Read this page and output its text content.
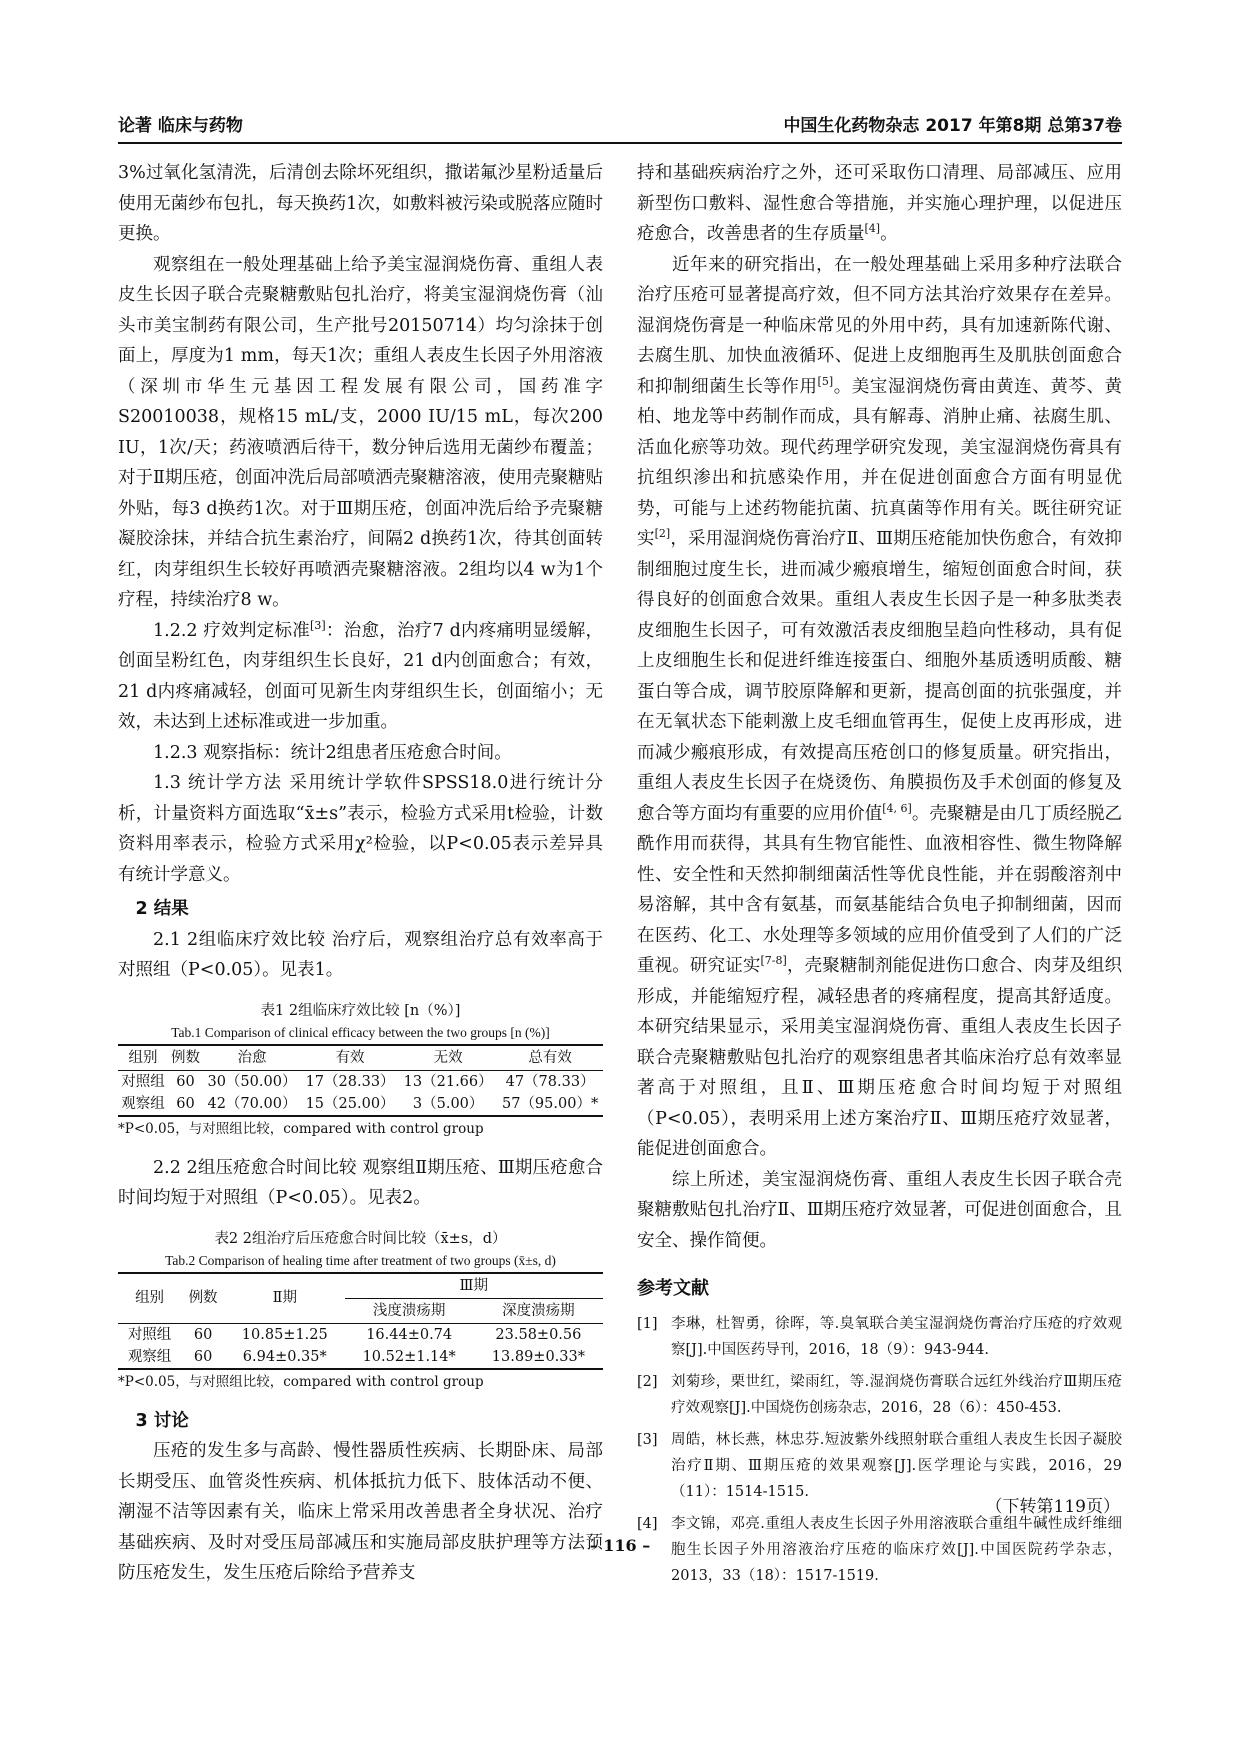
论著 临床与药物	中国生化药物杂志 2017 年第8期 总第37卷

3%过氧化氢清洗，后清创去除坏死组织，撒诺氟沙星粉适量后使用无菌纱布包扎，每天换药1次，如敷料被污染或脱落应随时更换。

观察组在一般处理基础上给予美宝湿润烧伤膏、重组人表皮生长因子联合壳聚糖敷贴包扎治疗，将美宝湿润烧伤膏（汕头市美宝制药有限公司，生产批号20150714）均匀涂抹于创面上，厚度为1 mm，每天1次；重组人表皮生长因子外用溶液（深圳市华生元基因工程发展有限公司，国药准字S20010038，规格15 mL/支，2000 IU/15 mL，每次200 IU，1次/天；药液喷洒后待干，数分钟后选用无菌纱布覆盖；对于Ⅱ期压疮，创面冲洗后局部喷洒壳聚糖溶液，使用壳聚糖贴外贴，每3 d换药1次。对于Ⅲ期压疮，创面冲洗后给予壳聚糖凝胶涂抹，并结合抗生素治疗，间隔2 d换药1次，待其创面转红，肉芽组织生长较好再喷洒壳聚糖溶液。2组均以4 w为1个疗程，持续治疗8 w。

1.2.2 疗效判定标准[3]：治愈，治疗7 d内疼痛明显缓解，创面呈粉红色，肉芽组织生长良好，21 d内创面愈合；有效，21 d内疼痛减轻，创面可见新生肉芽组织生长，创面缩小；无效，未达到上述标准或进一步加重。

1.2.3 观察指标：统计2组患者压疮愈合时间。

1.3 统计学方法 采用统计学软件SPSS18.0进行统计分析，计量资料方面选取“x̄±s”表示，检验方式采用t检验，计数资料用率表示，检验方式采用χ²检验，以P<0.05表示差异具有统计学意义。

2 结果

2.1 2组临床疗效比较 治疗后，观察组治疗总有效率高于对照组（P<0.05）。见表1。

表1 2组临床疗效比较 [n（%）]
Tab.1 Comparison of clinical efficacy between the two groups [n (%)]
组别	例数	治愈	有效	无效	总有效
对照组	60	30（50.00）	17（28.33）	13（21.66）	47（78.33）
观察组	60	42（70.00）	15（25.00）	3（5.00）	57（95.00）*
*P<0.05，与对照组比较，compared with control group

2.2 2组压疮愈合时间比较 观察组Ⅱ期压疮、Ⅲ期压疮愈合时间均短于对照组（P<0.05）。见表2。

表2 2组治疗后压疮愈合时间比较（x̄±s，d）
Tab.2 Comparison of healing time after treatment of two groups (x̄±s, d)
组别	例数	Ⅱ期	Ⅲ期	
			浅度溃疡期	深度溃疡期
对照组	60	10.85±1.25	16.44±0.74	23.58±0.56
观察组	60	6.94±0.35*	10.52±1.14*	13.89±0.33*
*P<0.05，与对照组比较，compared with control group

3 讨论

压疮的发生多与高龄、慢性器质性疾病、长期卧床、局部长期受压、血管炎性疾病、机体抵抗力低下、肢体活动不便、潮湿不洁等因素有关，临床上常采用改善患者全身状况、治疗基础疾病、及时对受压局部减压和实施局部皮肤护理等方法预防压疮发生，发生压疮后除给予营养支

持和基础疾病治疗之外，还可采取伤口清理、局部减压、应用新型伤口敷料、湿性愈合等措施，并实施心理护理，以促进压疮愈合，改善患者的生存质量[4]。

近年来的研究指出，在一般处理基础上采用多种疗法联合治疗压疮可显著提高疗效，但不同方法其治疗效果存在差异。湿润烧伤膏是一种临床常见的外用中药，具有加速新陈代谢、去腐生肌、加快血液循环、促进上皮细胞再生及肌肤创面愈合和抑制细菌生长等作用[5]。美宝湿润烧伤膏由黄连、黄芩、黄柏、地龙等中药制作而成，具有解毒、消肿止痛、祛腐生肌、活血化瘀等功效。现代药理学研究发现，美宝湿润烧伤膏具有抗组织渗出和抗感染作用，并在促进创面愈合方面有明显优势，可能与上述药物能抗菌、抗真菌等作用有关。既往研究证实[2]，采用湿润烧伤膏治疗Ⅱ、Ⅲ期压疮能加快伤愈合，有效抑制细胞过度生长，进而减少瘢痕增生，缩短创面愈合时间，获得良好的创面愈合效果。重组人表皮生长因子是一种多肽类表皮细胞生长因子，可有效激活表皮细胞呈趋向性移动，具有促上皮细胞生长和促进纤维连接蛋白、细胞外基质透明质酸、糖蛋白等合成，调节胶原降解和更新，提高创面的抗张强度，并在无氧状态下能刺激上皮毛细血管再生，促使上皮再形成，进而减少瘢痕形成，有效提高压疮创口的修复质量。研究指出，重组人表皮生长因子在烧烫伤、角膜损伤及手术创面的修复及愈合等方面均有重要的应用价值[4, 6]。壳聚糖是由几丁质经脱乙酰作用而获得，其具有生物官能性、血液相容性、微生物降解性、安全性和天然抑制细菌活性等优良性能，并在弱酸溶剂中易溶解，其中含有氨基，而氨基能结合负电子抑制细菌，因而在医药、化工、水处理等多领域的应用价值受到了人们的广泛重视。研究证实[7-8]，壳聚糖制剂能促进伤口愈合、肉芽及组织形成，并能缩短疗程，减轻患者的疼痛程度，提高其舒适度。本研究结果显示，采用美宝湿润烧伤膏、重组人表皮生长因子联合壳聚糖敷贴包扎治疗的观察组患者其临床治疗总有效率显著高于对照组，且Ⅱ、Ⅲ期压疮愈合时间均短于对照组（P<0.05），表明采用上述方案治疗Ⅱ、Ⅲ期压疮疗效显著，能促进创面愈合。

综上所述，美宝湿润烧伤膏、重组人表皮生长因子联合壳聚糖敷贴包扎治疗Ⅱ、Ⅲ期压疮疗效显著，可促进创面愈合，且安全、操作简便。

参考文献
[1] 李琳，杜智勇，徐晖，等.臭氧联合美宝湿润烧伤膏治疗压疮的疗效观察[J].中国医药导刊，2016，18（9）：943-944.
[2] 刘菊珍，栗世红，梁雨红，等.湿润烧伤膏联合远红外线治疗Ⅲ期压疮疗效观察[J].中国烧伤创疡杂志，2016，28（6）：450-453.
[3] 周皓，林长燕，林忠芬.短波紫外线照射联合重组人表皮生长因子凝胶治疗Ⅱ期、Ⅲ期压疮的效果观察[J].医学理论与实践，2016，29（11）：1514-1515.
[4] 李文锦，邓亮.重组人表皮生长因子外用溶液联合重组牛碱性成纤维细胞生长因子外用溶液治疗压疮的临床疗效[J].中国医院药学杂志，2013，33（18）：1517-1519.
（下转第119页）
– 116 –
